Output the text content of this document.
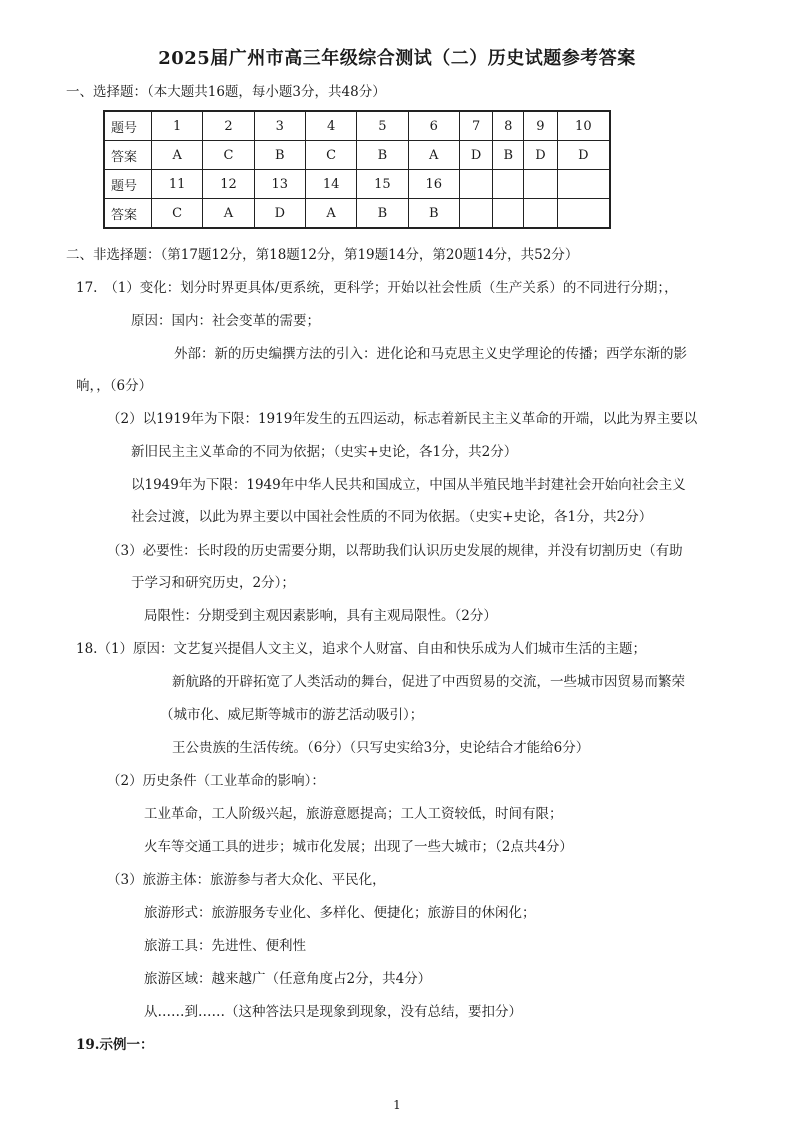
2025届广州市高三年级综合测试（二）历史试题参考答案
一、选择题：（本大题共16题，每小题3分，共48分）
题号	1	2	3	4	5	6	7	8	9	10
答案	A	C	B	C	B	A	D	B	D	D
题号	11	12	13	14	15	16				
答案	C	A	D	A	B	B				
二、非选择题：（第17题12分，第18题12分，第19题14分，第20题14分，共52分）
17.　（1）变化：划分时界更具体/更系统，更科学；开始以社会性质（生产关系）的不同进行分期；，
原因：国内：社会变革的需要；
外部：新的历史编撰方法的引入：进化论和马克思主义史学理论的传播；西学东渐的影
响，，（6分）
（2）以1919年为下限：1919年发生的五四运动，标志着新民主主义革命的开端，以此为界主要以
新旧民主主义革命的不同为依据；（史实+史论，各1分，共2分）
以1949年为下限：1949年中华人民共和国成立，中国从半殖民地半封建社会开始向社会主义
社会过渡，以此为界主要以中国社会性质的不同为依据。（史实+史论，各1分，共2分）
（3）必要性：长时段的历史需要分期，以帮助我们认识历史发展的规律，并没有切割历史（有助
于学习和研究历史，2分）；
局限性：分期受到主观因素影响，具有主观局限性。（2分）
18.（1）原因：文艺复兴提倡人文主义，追求个人财富、自由和快乐成为人们城市生活的主题；
新航路的开辟拓宽了人类活动的舞台，促进了中西贸易的交流，一些城市因贸易而繁荣
（城市化、威尼斯等城市的游艺活动吸引）；
王公贵族的生活传统。（6分）（只写史实给3分，史论结合才能给6分）
（2）历史条件（工业革命的影响）：
工业革命，工人阶级兴起，旅游意愿提高；工人工资较低，时间有限；
火车等交通工具的进步；城市化发展；出现了一些大城市；（2点共4分）
（3）旅游主体：旅游参与者大众化、平民化，
旅游形式：旅游服务专业化、多样化、便捷化；旅游目的休闲化；
旅游工具：先进性、便利性
旅游区域：越来越广（任意角度占2分，共4分）
从……到……（这种答法只是现象到现象，没有总结，要扣分）
19.示例一：
1
